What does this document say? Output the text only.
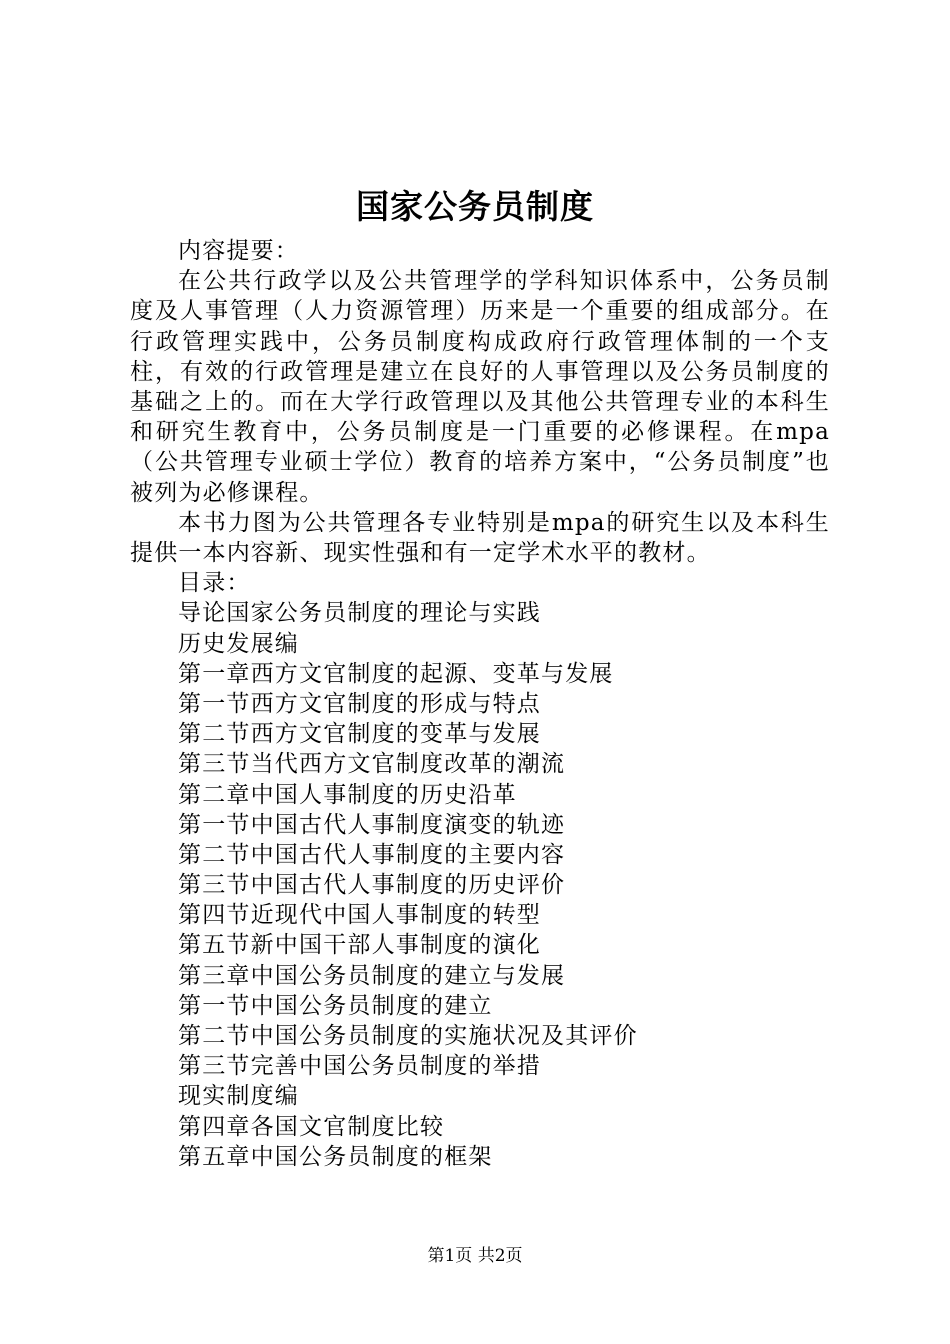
国家公务员制度
内容提要：

在公共行政学以及公共管理学的学科知识体系中，公务员制度及人事管理（人力资源管理）历来是一个重要的组成部分。在行政管理实践中，公务员制度构成政府行政管理体制的一个支柱，有效的行政管理是建立在良好的人事管理以及公务员制度的基础之上的。而在大学行政管理以及其他公共管理专业的本科生和研究生教育中，公务员制度是一门重要的必修课程。在mpa（公共管理专业硕士学位）教育的培养方案中，“公务员制度”也被列为必修课程。

本书力图为公共管理各专业特别是mpa的研究生以及本科生提供一本内容新、现实性强和有一定学术水平的教材。

目录：
导论国家公务员制度的理论与实践
历史发展编
第一章西方文官制度的起源、变革与发展
第一节西方文官制度的形成与特点
第二节西方文官制度的变革与发展
第三节当代西方文官制度改革的潮流
第二章中国人事制度的历史沿革
第一节中国古代人事制度演变的轨迹
第二节中国古代人事制度的主要内容
第三节中国古代人事制度的历史评价
第四节近现代中国人事制度的转型
第五节新中国干部人事制度的演化
第三章中国公务员制度的建立与发展
第一节中国公务员制度的建立
第二节中国公务员制度的实施状况及其评价
第三节完善中国公务员制度的举措
现实制度编
第四章各国文官制度比较
第五章中国公务员制度的框架
第1页 共2页
